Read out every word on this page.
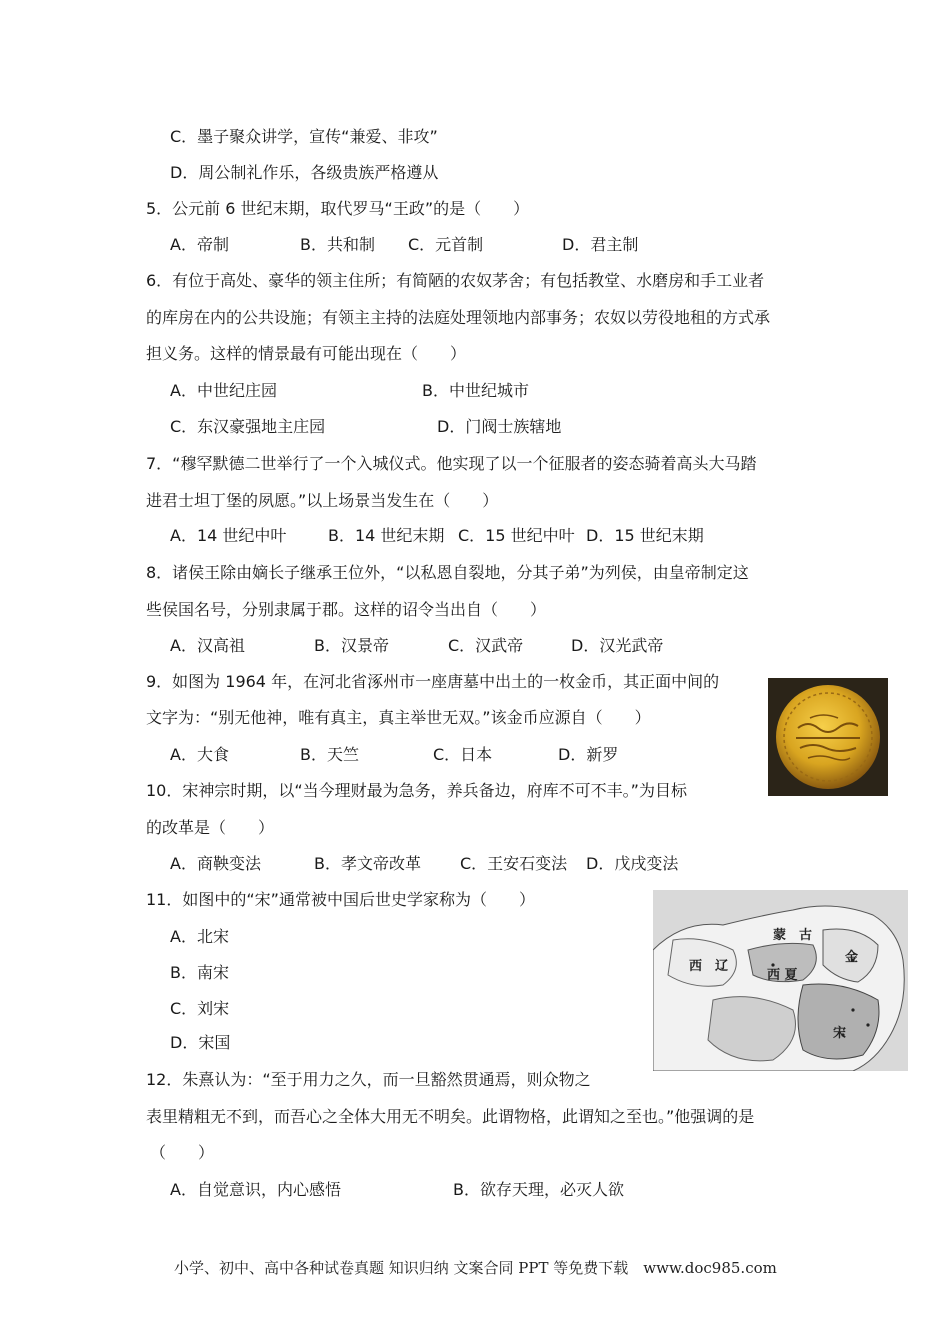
C．墨子聚众讲学，宣传“兼爱、非攻”
D．周公制礼作乐，各级贵族严格遵从
5．公元前 6 世纪末期，取代罗马“王政”的是（　　）
A．帝制	B．共和制 C．元首制	D．君主制
6．有位于高处、豪华的领主住所；有简陋的农奴茅舍；有包括教堂、水磨房和手工业者
的库房在内的公共设施；有领主主持的法庭处理领地内部事务；农奴以劳役地租的方式承
担义务。这样的情景最有可能出现在（　　）
A．中世纪庄园	B．中世纪城市
C．东汉豪强地主庄园	D．门阀士族辖地
7．“穆罕默德二世举行了一个入城仪式。他实现了以一个征服者的姿态骑着高头大马踏
进君士坦丁堡的夙愿。”以上场景当发生在（　　）
A．14 世纪中叶	B．14 世纪末期 C．15 世纪中叶 D．15 世纪末期
8．诸侯王除由嫡长子继承王位外，“以私恩自裂地，分其子弟”为列侯，由皇帝制定这
些侯国名号，分别隶属于郡。这样的诏令当出自（　　）
A．汉高祖	B．汉景帝	C．汉武帝	D．汉光武帝
9．如图为 1964 年，在河北省涿州市一座唐墓中出土的一枚金币，其正面中间的
文字为：“别无他神，唯有真主，真主举世无双。”该金币应源自（　　）
A．大食	B．天竺	C．日本	D．新罗
10．宋神宗时期，以“当今理财最为急务，养兵备边，府库不可不丰。”为目标
的改革是（　　）
A．商鞅变法	B．孝文帝改革 C．王安石变法 D．戊戌变法
11．如图中的“宋”通常被中国后世史学家称为（　　）
A．北宋
B．南宋
C．刘宋
D．宋国
蒙　古
西　辽
西 夏
金
宋
12．朱熹认为：“至于用力之久，而一旦豁然贯通焉，则众物之
表里精粗无不到，而吾心之全体大用无不明矣。此谓物格，此谓知之至也。”他强调的是
（　　）
A．自觉意识，内心感悟	B．欲存天理，必灭人欲
小学、初中、高中各种试卷真题 知识归纳 文案合同 PPT 等免费下载　www.doc985.com
